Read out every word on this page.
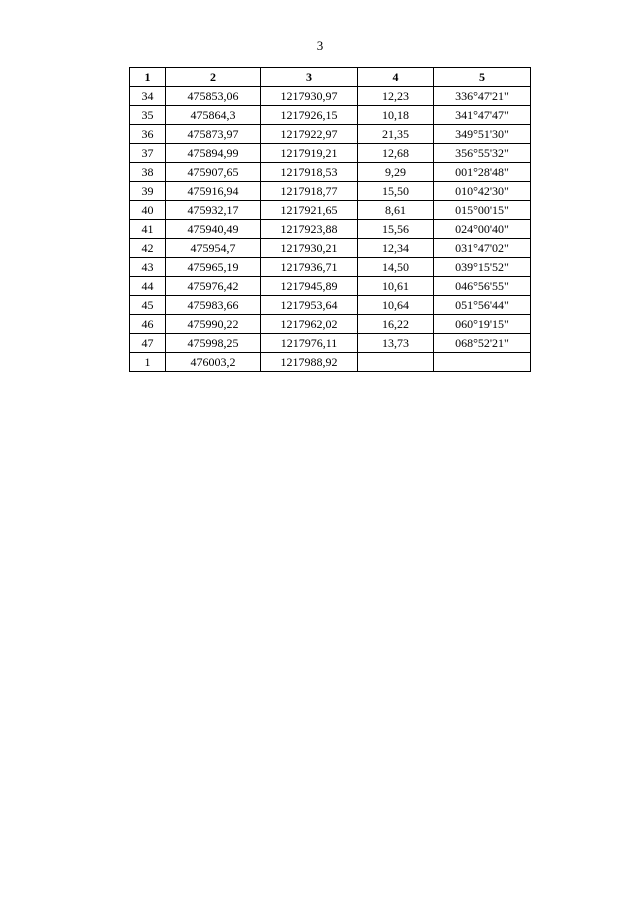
3
1	2	3	4	5
34	475853,06	1217930,97	12,23	336°47'21"
35	475864,3	1217926,15	10,18	341°47'47"
36	475873,97	1217922,97	21,35	349°51'30"
37	475894,99	1217919,21	12,68	356°55'32"
38	475907,65	1217918,53	9,29	001°28'48"
39	475916,94	1217918,77	15,50	010°42'30"
40	475932,17	1217921,65	8,61	015°00'15"
41	475940,49	1217923,88	15,56	024°00'40"
42	475954,7	1217930,21	12,34	031°47'02"
43	475965,19	1217936,71	14,50	039°15'52"
44	475976,42	1217945,89	10,61	046°56'55"
45	475983,66	1217953,64	10,64	051°56'44"
46	475990,22	1217962,02	16,22	060°19'15"
47	475998,25	1217976,11	13,73	068°52'21"
1	476003,2	1217988,92		
